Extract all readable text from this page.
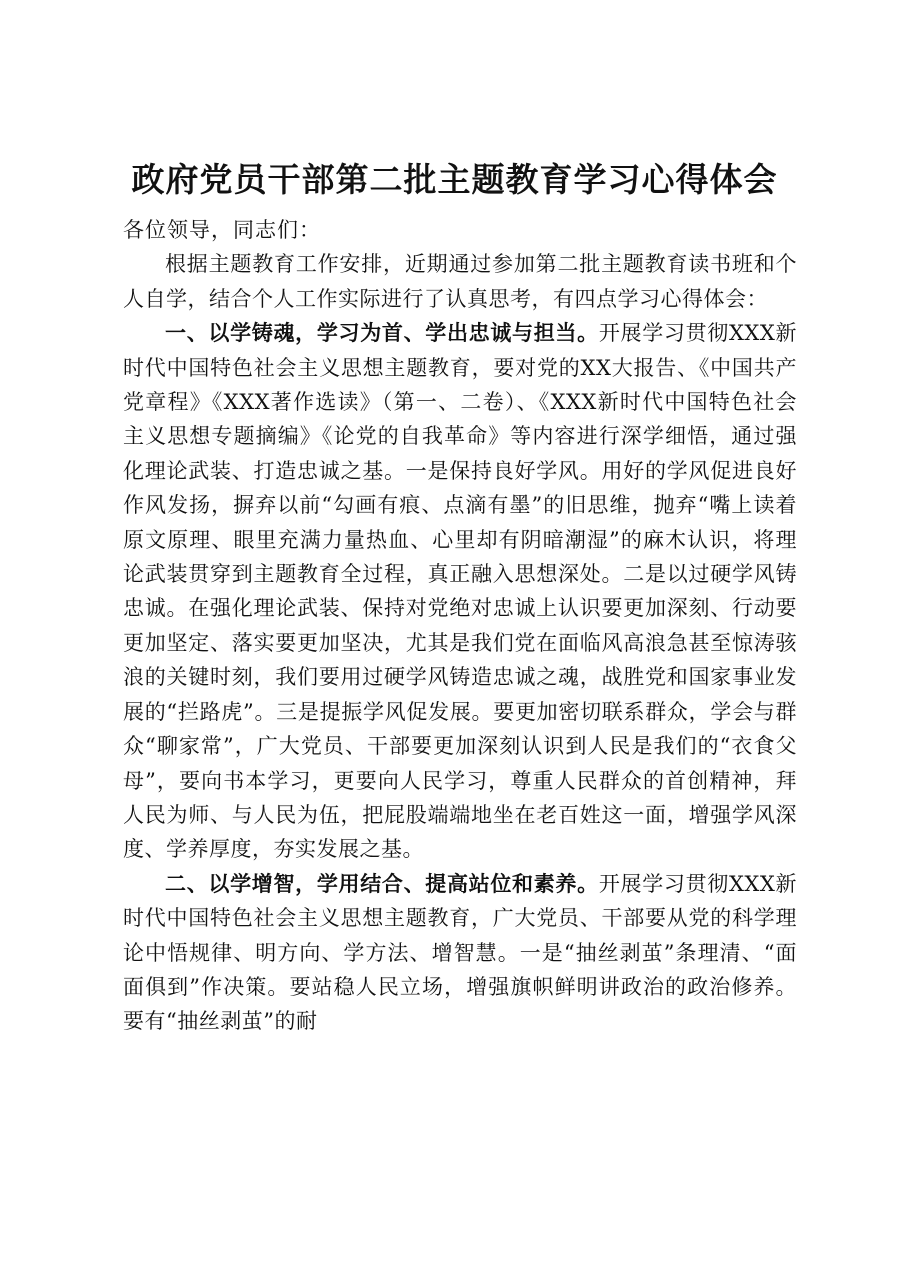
政府党员干部第二批主题教育学习心得体会

各位领导，同志们：

根据主题教育工作安排，近期通过参加第二批主题教育读书班和个人自学，结合个人工作实际进行了认真思考，有四点学习心得体会：

一、以学铸魂，学习为首、学出忠诚与担当。开展学习贯彻XXX新时代中国特色社会主义思想主题教育，要对党的XX大报告、《中国共产党章程》《XXX著作选读》（第一、二卷）、《XXX新时代中国特色社会主义思想专题摘编》《论党的自我革命》等内容进行深学细悟，通过强化理论武装、打造忠诚之基。一是保持良好学风。用好的学风促进良好作风发扬，摒弃以前“勾画有痕、点滴有墨”的旧思维，抛弃“嘴上读着原文原理、眼里充满力量热血、心里却有阴暗潮湿”的麻木认识，将理论武装贯穿到主题教育全过程，真正融入思想深处。二是以过硬学风铸忠诚。在强化理论武装、保持对党绝对忠诚上认识要更加深刻、行动要更加坚定、落实要更加坚决，尤其是我们党在面临风高浪急甚至惊涛骇浪的关键时刻，我们要用过硬学风铸造忠诚之魂，战胜党和国家事业发展的“拦路虎”。三是提振学风促发展。要更加密切联系群众，学会与群众“聊家常”，广大党员、干部要更加深刻认识到人民是我们的“衣食父母”，要向书本学习，更要向人民学习，尊重人民群众的首创精神，拜人民为师、与人民为伍，把屁股端端地坐在老百姓这一面，增强学风深度、学养厚度，夯实发展之基。

二、以学增智，学用结合、提高站位和素养。开展学习贯彻XXX新时代中国特色社会主义思想主题教育，广大党员、干部要从党的科学理论中悟规律、明方向、学方法、增智慧。一是“抽丝剥茧”条理清、“面面俱到”作决策。要站稳人民立场，增强旗帜鲜明讲政治的政治修养。要有“抽丝剥茧”的耐
